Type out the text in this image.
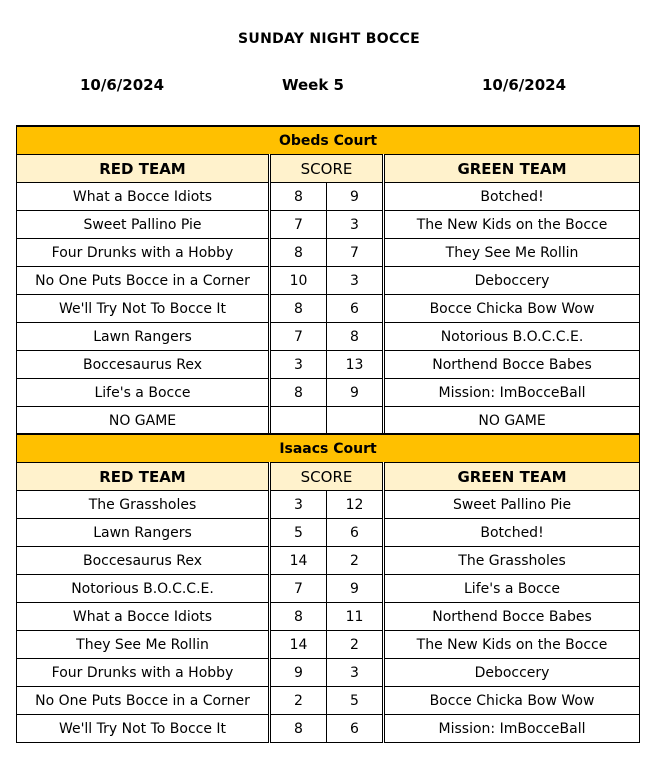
SUNDAY NIGHT BOCCE
10/6/2024	Week 5	10/6/2024
Obeds Court			
RED TEAM	SCORE		GREEN TEAM
What a Bocce Idiots	8	9	Botched!
Sweet Pallino Pie	7	3	The New Kids on the Bocce
Four Drunks with a Hobby	8	7	They See Me Rollin
No One Puts Bocce in a Corner	10	3	Deboccery
We'll Try Not To Bocce It	8	6	Bocce Chicka Bow Wow
Lawn Rangers	7	8	Notorious B.O.C.C.E.
Boccesaurus Rex	3	13	Northend Bocce Babes
Life's a Bocce	8	9	Mission: ImBocceBall
NO GAME			NO GAME
Isaacs Court			
RED TEAM	SCORE		GREEN TEAM
The Grassholes	3	12	Sweet Pallino Pie
Lawn Rangers	5	6	Botched!
Boccesaurus Rex	14	2	The Grassholes
Notorious B.O.C.C.E.	7	9	Life's a Bocce
What a Bocce Idiots	8	11	Northend Bocce Babes
They See Me Rollin	14	2	The New Kids on the Bocce
Four Drunks with a Hobby	9	3	Deboccery
No One Puts Bocce in a Corner	2	5	Bocce Chicka Bow Wow
We'll Try Not To Bocce It	8	6	Mission: ImBocceBall
